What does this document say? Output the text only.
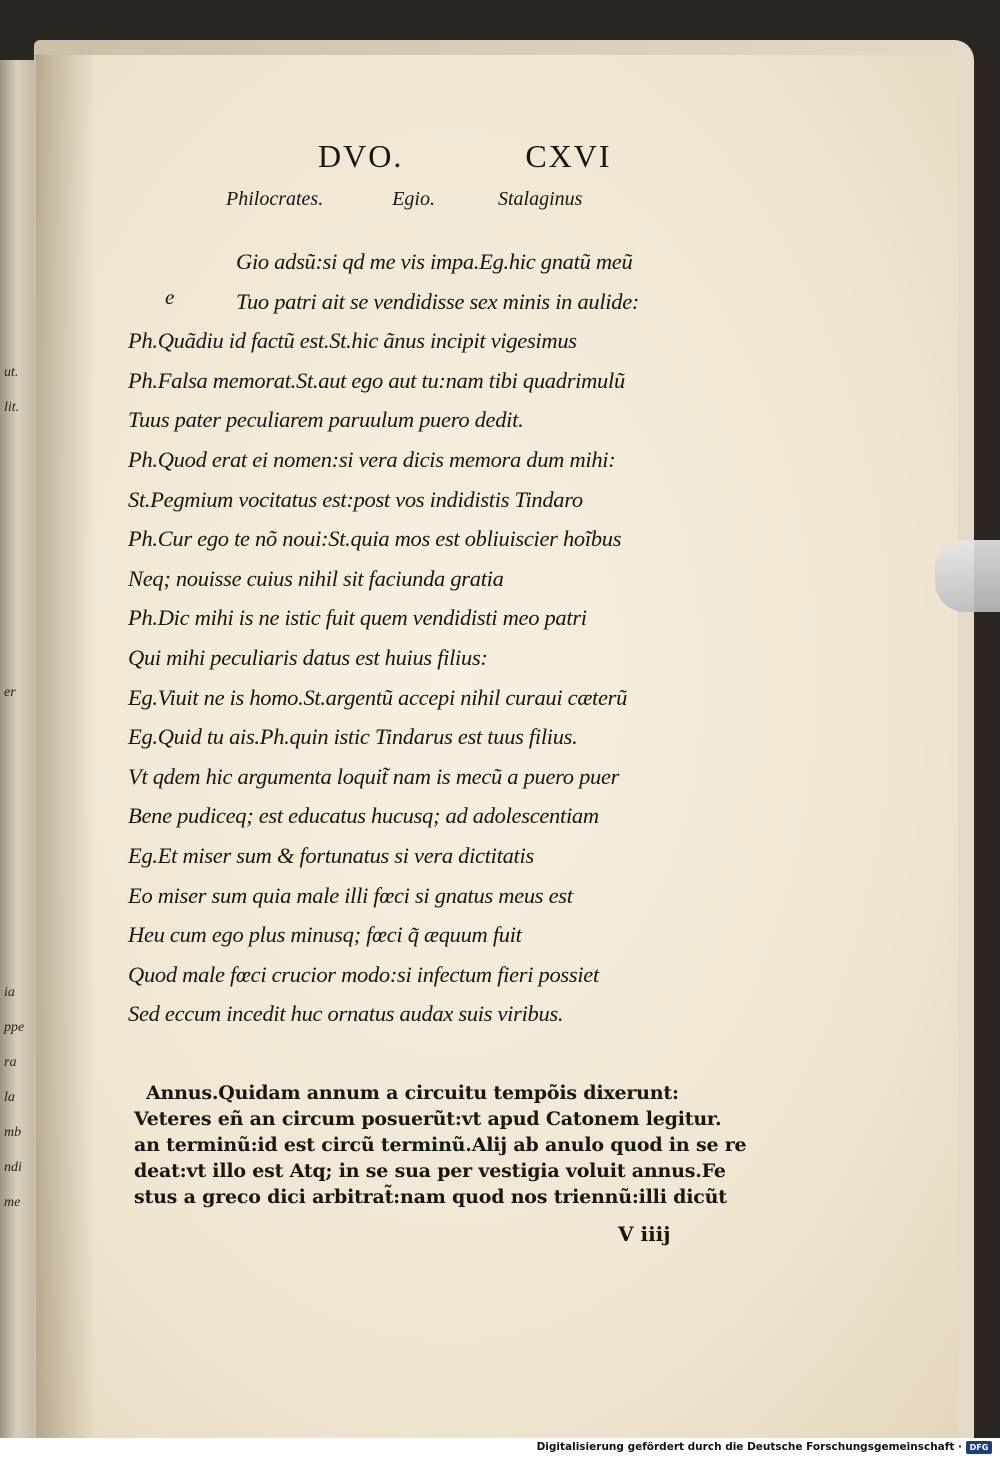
ut.
lit.
er
ia
ppe
ra
la
mb
ndi
me
DVO.	CXVI
Philocrates.	Egio.	Stalaginus
e
Gio adsũ:si qd me vis impa.Eg.hic gnatũ meũ
Tuo patri ait se vendidisse sex minis in aulide:
Ph.Quãdiu id factũ est.St.hic ãnus incipit vigesimus
Ph.Falsa memorat.St.aut ego aut tu:nam tibi quadrimulũ
Tuus pater peculiarem paruulum puero dedit.
Ph.Quod erat ei nomen:si vera dicis memora dum mihi:
St.Pegmium vocitatus est:post vos indidistis Tindaro
Ph.Cur ego te nõ noui:St.quia mos est obliuiscier hoĩbus
Neq; nouisse cuius nihil sit faciunda gratia
Ph.Dic mihi is ne istic fuit quem vendidisti meo patri
Qui mihi peculiaris datus est huius filius:
Eg.Viuit ne is homo.St.argentũ accepi nihil curaui cæterũ
Eg.Quid tu ais.Ph.quin istic Tindarus est tuus filius.
Vt qdem hic argumenta loquit̃ nam is mecũ a puero puer
Bene pudiceq; est educatus hucusq; ad adolescentiam
Eg.Et miser sum & fortunatus si vera dictitatis
Eo miser sum quia male illi fœci si gnatus meus est
Heu cum ego plus minusq; fœci q̃ æquum fuit
Quod male fœci crucior modo:si infectum fieri possiet
Sed eccum incedit huc ornatus audax suis viribus.
Annus.Quidam annum a circuitu tempõis dixerunt:
Veteres eñ an circum posuerũt:vt apud Catonem legitur.
an terminũ:id est circũ terminũ.Alij ab anulo quod in se re
deat:vt illo est Atq; in se sua per vestigia voluit annus.Fe
stus a greco dici arbitrat̃:nam quod nos triennũ:illi dicũt
V iiij
Digitalisierung gefördert durch die Deutsche Forschungsgemeinschaft · DFG
